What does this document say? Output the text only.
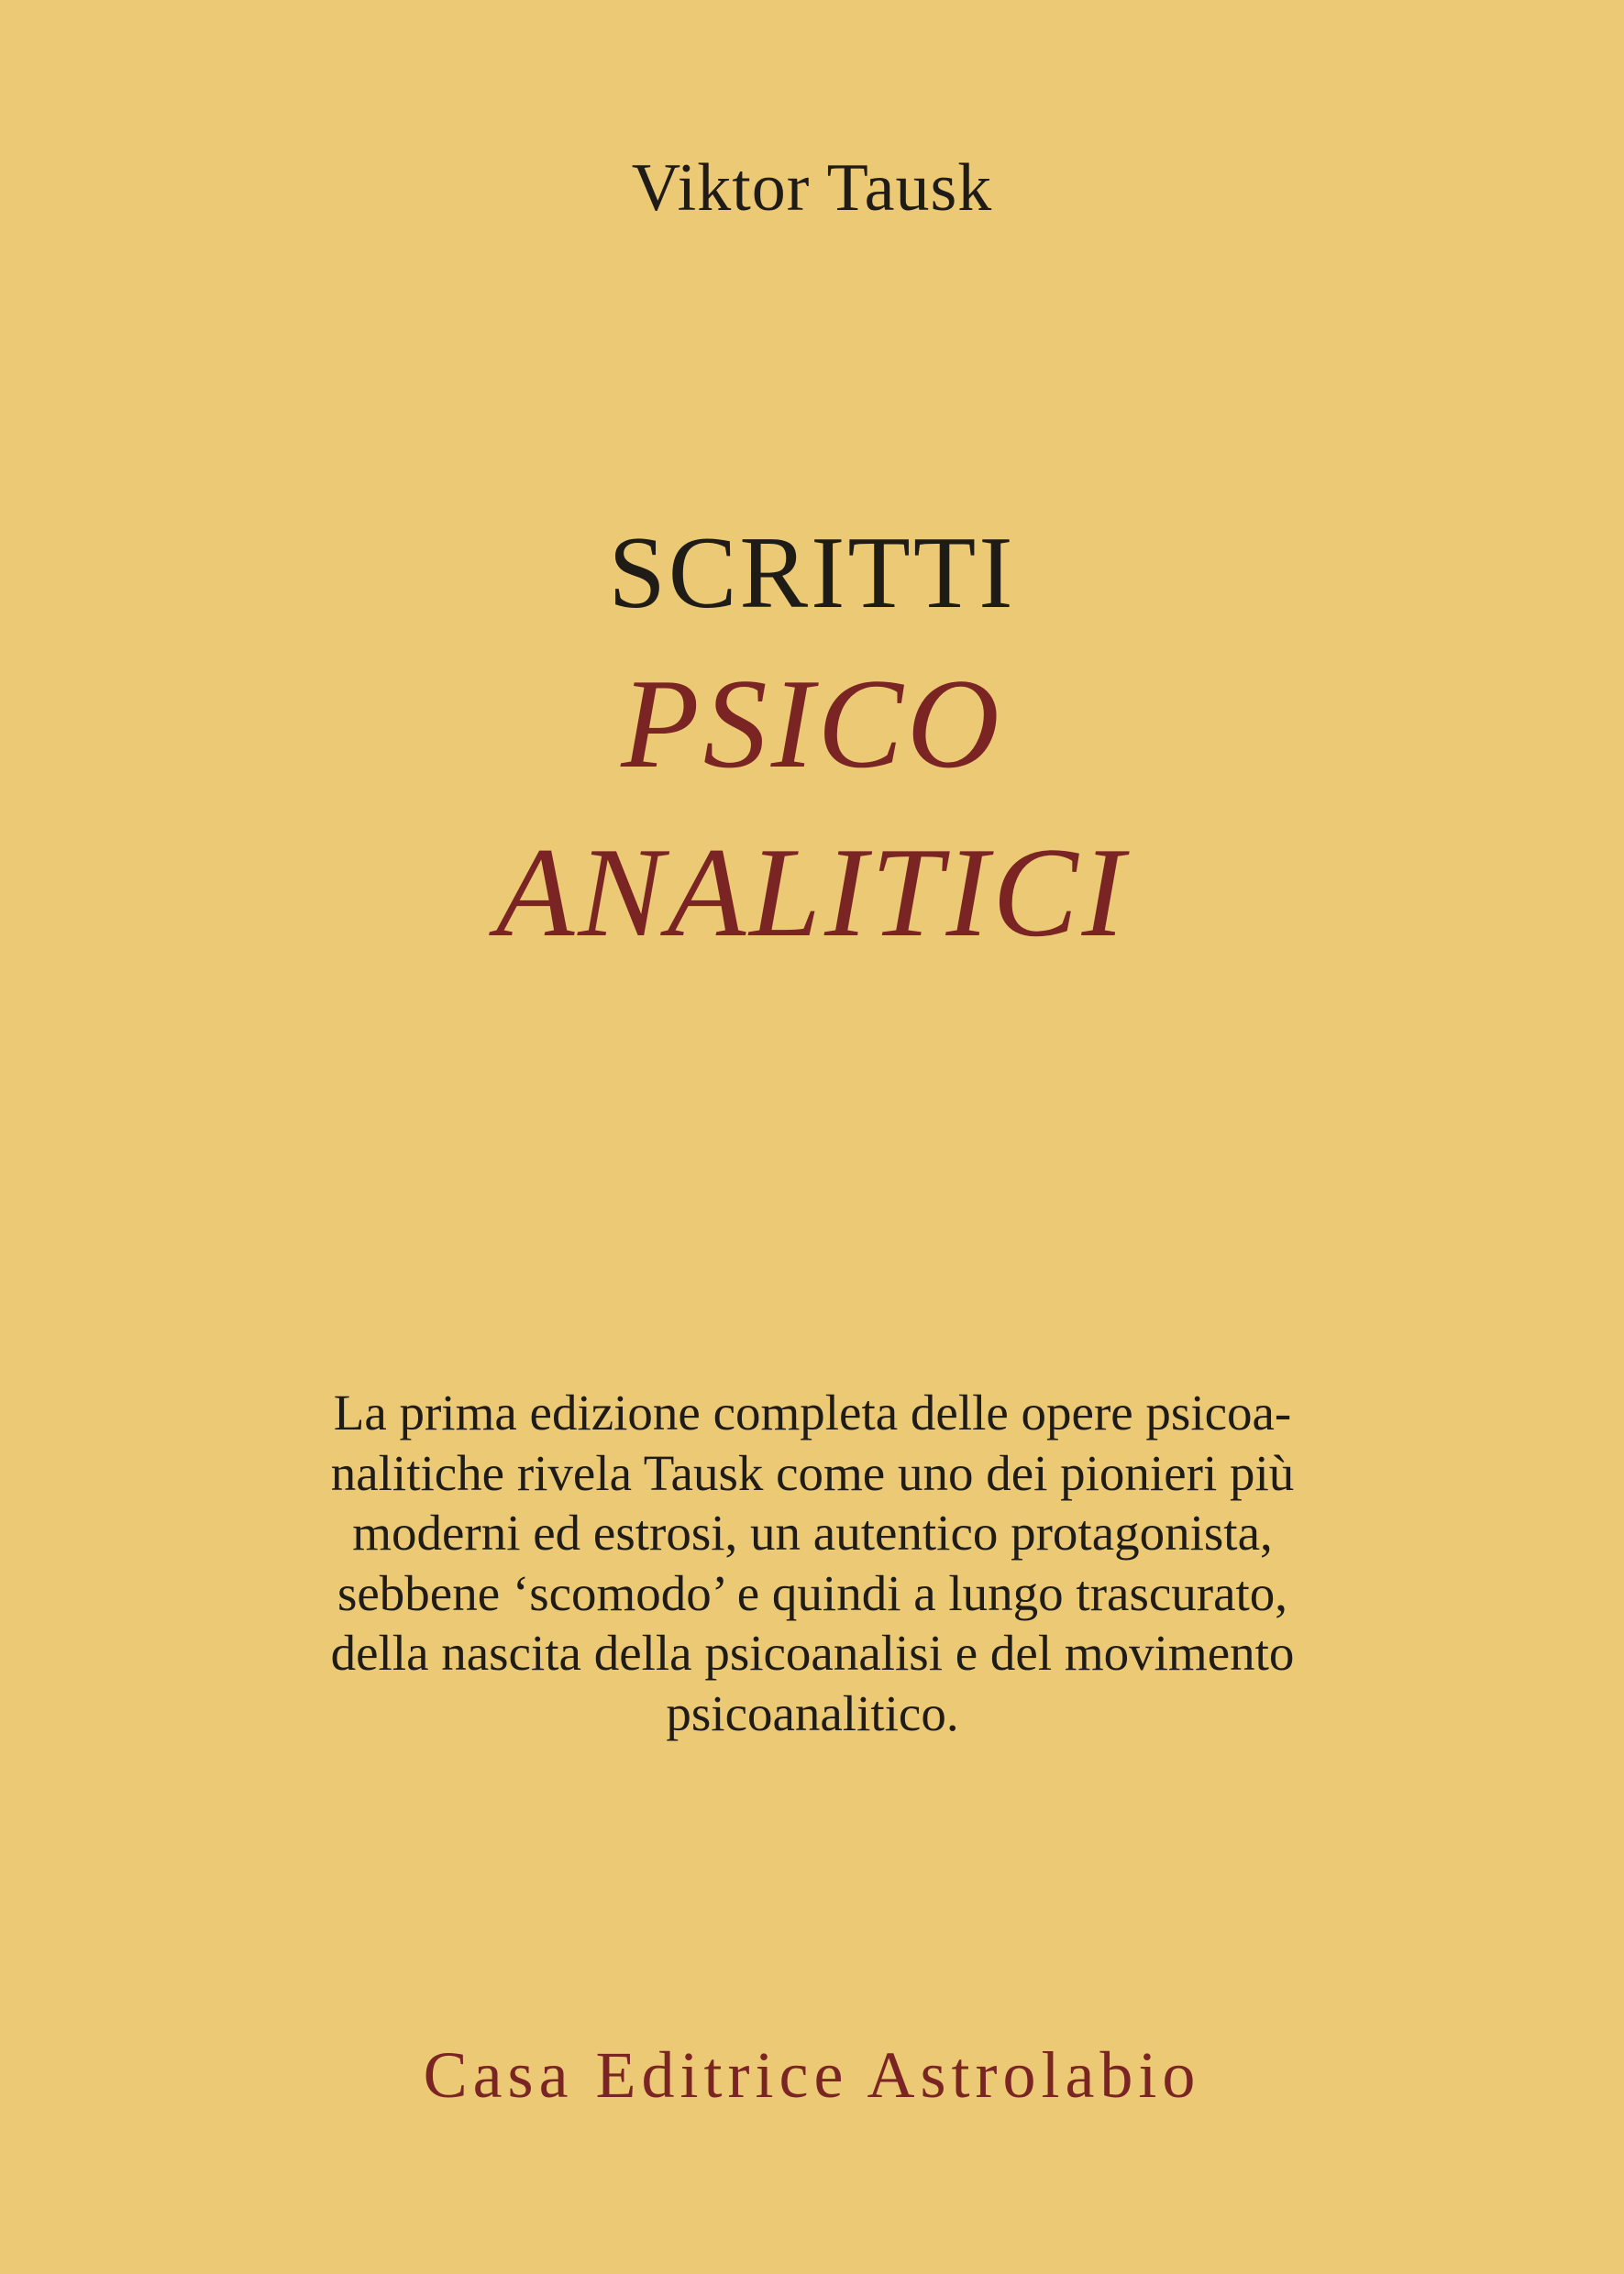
Viktor Tausk
SCRITTI
PSICO
ANALITICI
La prima edizione completa delle opere psicoa-
nalitiche rivela Tausk come uno dei pionieri più
moderni ed estrosi, un autentico protagonista,
sebbene ‘scomodo’ e quindi a lungo trascurato,
della nascita della psicoanalisi e del movimento
psicoanalitico.
Casa Editrice Astrolabio
